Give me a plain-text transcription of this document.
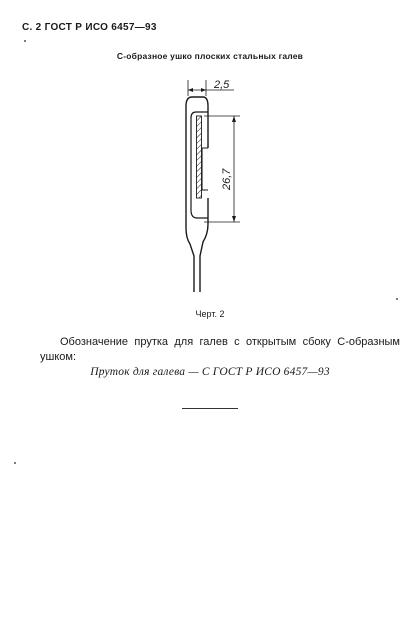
С. 2 ГОСТ Р ИСО 6457—93
С-образное ушко плоских стальных галев
2,5
26,7
Черт. 2
Обозначение прутка для галев с открытым сбоку С-образным ушком:
Пруток для галева — С ГОСТ Р ИСО 6457—93
